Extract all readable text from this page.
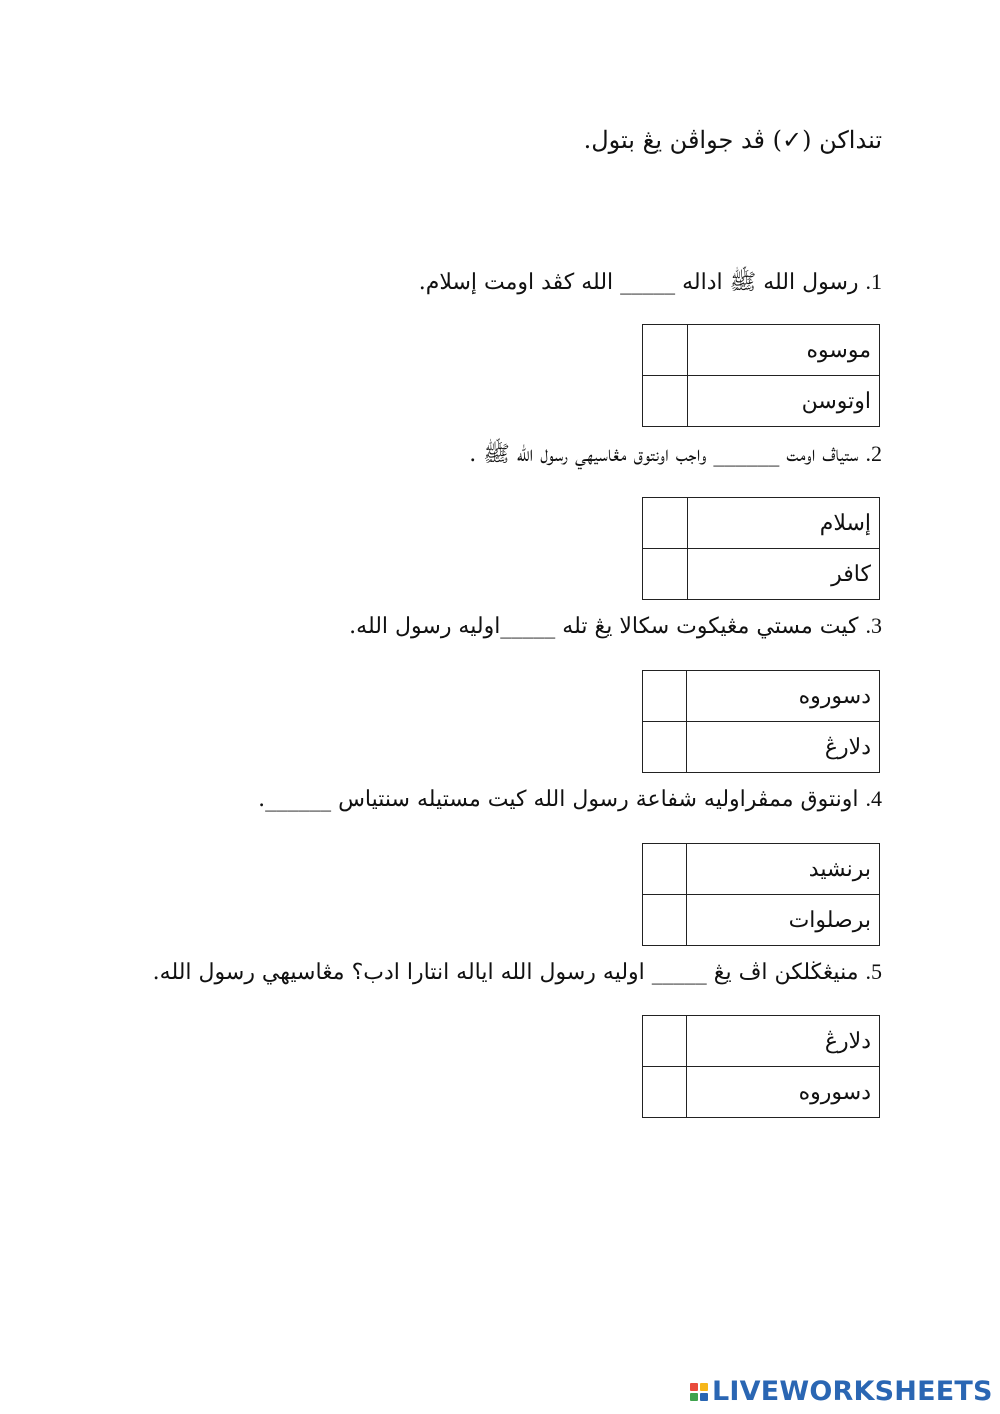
تنداکن (✓) ڤد جواڤن يڠ بتول.
1. رسول الله ﷺ اداله _____ الله كڤد اومت إسلام.
	موسوه
	اوتوسن
2. ستياڤ اومت ______ واجب اونتوق مڠاسيهي رسول الله ﷺ .
	إسلام
	كافر
3. كيت مستي مڠيكوت سکالا يڠ تله _____اوليه رسول الله.
	دسوروه
	دلارڠ
4. اونتوق ممڤراوليه شفاعة رسول الله كيت مستيله سنتياس ______.
	برنشيد
	برصلوات
5. منيڠڬلكن اڤ يڠ _____ اوليه رسول الله اياله انتارا ادب؟ مڠاسيهي رسول الله.
	دلارڠ
	دسوروه
LIVEWORKSHEETS
